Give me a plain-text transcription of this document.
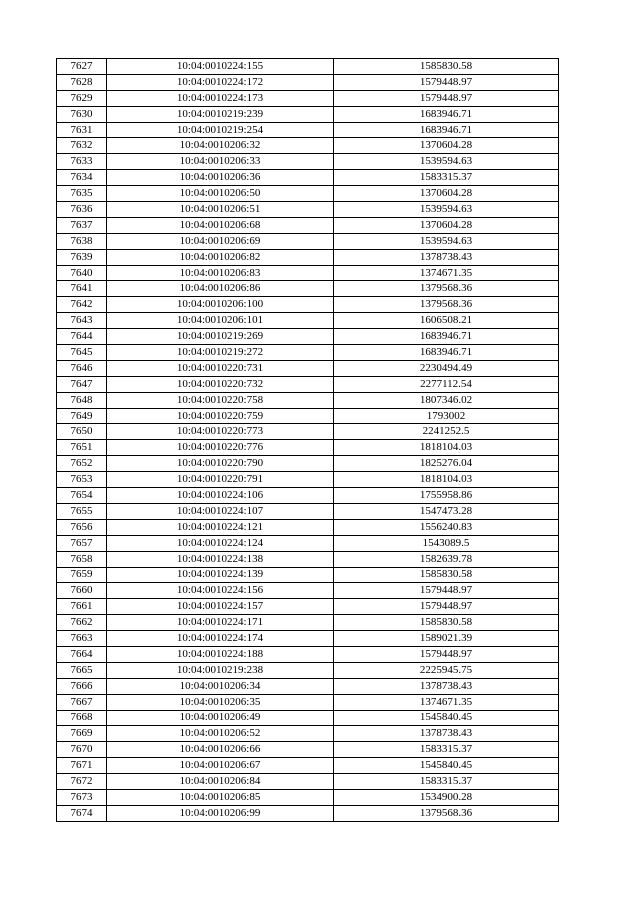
7627	10:04:0010224:155	1585830.58
7628	10:04:0010224:172	1579448.97
7629	10:04:0010224:173	1579448.97
7630	10:04:0010219:239	1683946.71
7631	10:04:0010219:254	1683946.71
7632	10:04:0010206:32	1370604.28
7633	10:04:0010206:33	1539594.63
7634	10:04:0010206:36	1583315.37
7635	10:04:0010206:50	1370604.28
7636	10:04:0010206:51	1539594.63
7637	10:04:0010206:68	1370604.28
7638	10:04:0010206:69	1539594.63
7639	10:04:0010206:82	1378738.43
7640	10:04:0010206:83	1374671.35
7641	10:04:0010206:86	1379568.36
7642	10:04:0010206:100	1379568.36
7643	10:04:0010206:101	1606508.21
7644	10:04:0010219:269	1683946.71
7645	10:04:0010219:272	1683946.71
7646	10:04:0010220:731	2230494.49
7647	10:04:0010220:732	2277112.54
7648	10:04:0010220:758	1807346.02
7649	10:04:0010220:759	1793002
7650	10:04:0010220:773	2241252.5
7651	10:04:0010220:776	1818104.03
7652	10:04:0010220:790	1825276.04
7653	10:04:0010220:791	1818104.03
7654	10:04:0010224:106	1755958.86
7655	10:04:0010224:107	1547473.28
7656	10:04:0010224:121	1556240.83
7657	10:04:0010224:124	1543089.5
7658	10:04:0010224:138	1582639.78
7659	10:04:0010224:139	1585830.58
7660	10:04:0010224:156	1579448.97
7661	10:04:0010224:157	1579448.97
7662	10:04:0010224:171	1585830.58
7663	10:04:0010224:174	1589021.39
7664	10:04:0010224:188	1579448.97
7665	10:04:0010219:238	2225945.75
7666	10:04:0010206:34	1378738.43
7667	10:04:0010206:35	1374671.35
7668	10:04:0010206:49	1545840.45
7669	10:04:0010206:52	1378738.43
7670	10:04:0010206:66	1583315.37
7671	10:04:0010206:67	1545840.45
7672	10:04:0010206:84	1583315.37
7673	10:04:0010206:85	1534900.28
7674	10:04:0010206:99	1379568.36
